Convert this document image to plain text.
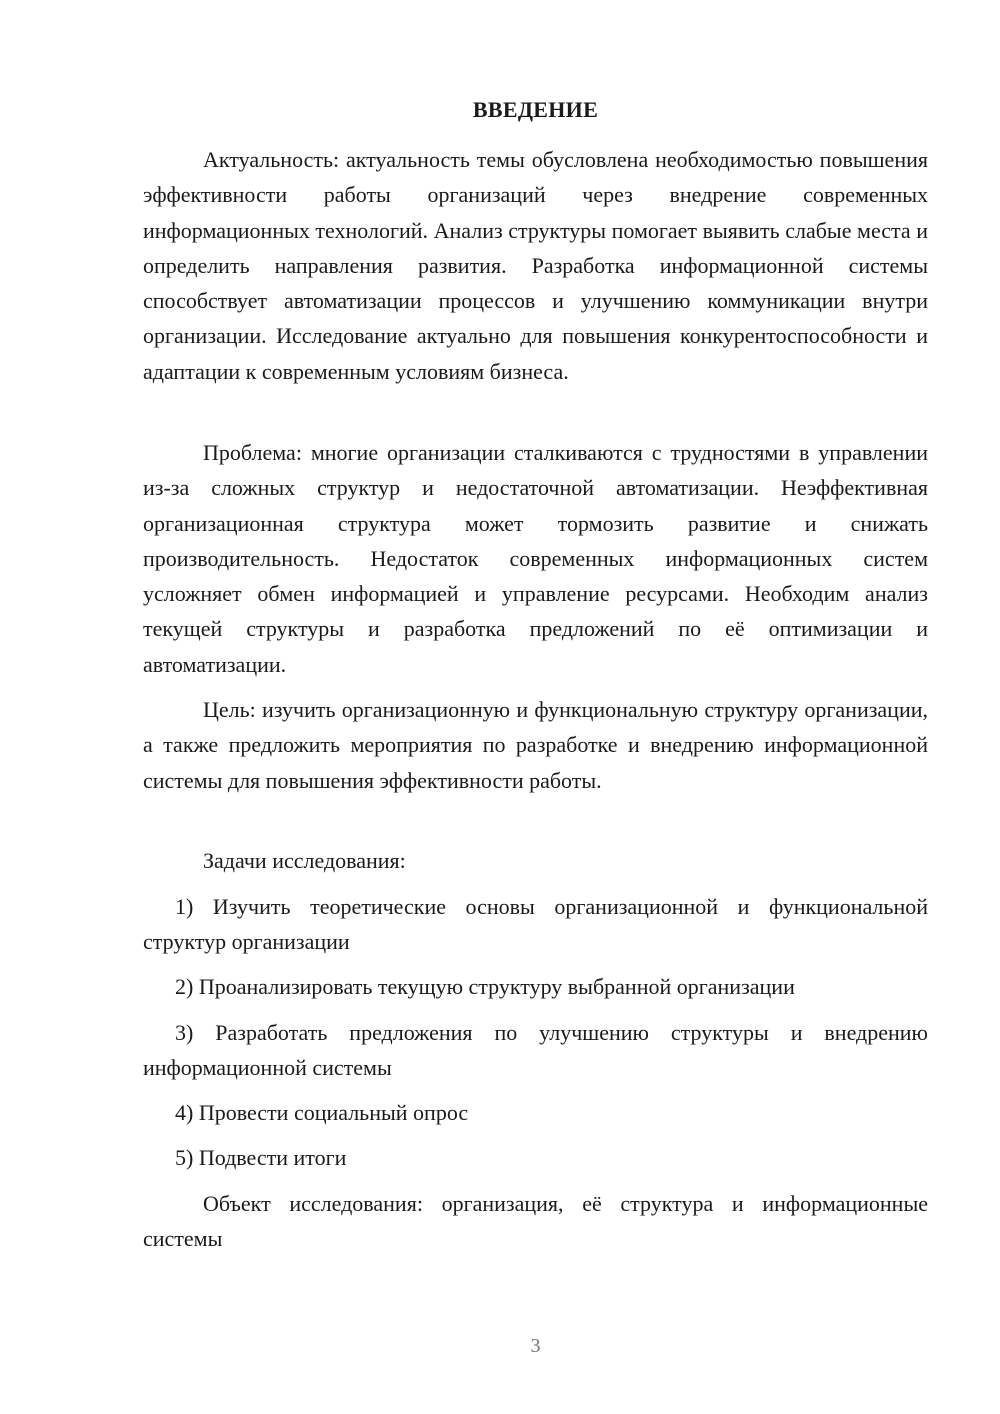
ВВЕДЕНИЕ

Актуальность: актуальность темы обусловлена необходимостью повышения эффективности работы организаций через внедрение современных информационных технологий. Анализ структуры помогает выявить слабые места и определить направления развития. Разработка информационной системы способствует автоматизации процессов и улучшению коммуникации внутри организации. Исследование актуально для повышения конкурентоспособности и адаптации к современным условиям бизнеса.

Проблема: многие организации сталкиваются с трудностями в управлении из-за сложных структур и недостаточной автоматизации. Неэффективная организационная структура может тормозить развитие и снижать производительность. Недостаток современных информационных систем усложняет обмен информацией и управление ресурсами. Необходим анализ текущей структуры и разработка предложений по её оптимизации и автоматизации.

Цель: изучить организационную и функциональную структуру организации, а также предложить мероприятия по разработке и внедрению информационной системы для повышения эффективности работы.

Задачи исследования:

1) Изучить теоретические основы организационной и функциональной структур организации

2) Проанализировать текущую структуру выбранной организации

3) Разработать предложения по улучшению структуры и внедрению информационной системы

4) Провести социальный опрос

5) Подвести итоги

Объект исследования: организация, её структура и информационные системы

3
